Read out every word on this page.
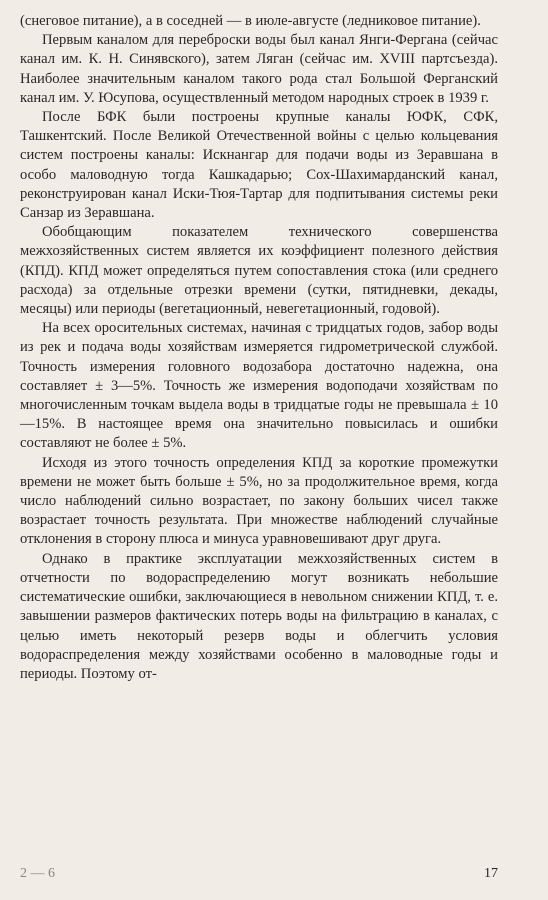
(снеговое питание), а в соседней — в июле-августе (ледниковое питание).

Первым каналом для переброски воды был канал Янги-Фергана (сейчас канал им. К. Н. Синявского), затем Ляган (сейчас им. XVIII партсъезда). Наиболее значительным каналом такого рода стал Большой Ферганский канал им. У. Юсупова, осуществленный методом народных строек в 1939 г.

После БФК были построены крупные каналы ЮФК, СФК, Ташкентский. После Великой Отечественной войны с целью кольцевания систем построены каналы: Искнангар для подачи воды из Зеравшана в особо маловодную тогда Кашкадарью; Сох-Шахимарданский канал, реконструирован канал Иски-Тюя-Тартар для подпитывания системы реки Санзар из Зеравшана.

Обобщающим показателем технического совершенства межхозяйственных систем является их коэффициент полезного действия (КПД). КПД может определяться путем сопоставления стока (или среднего расхода) за отдельные отрезки времени (сутки, пятидневки, декады, месяцы) или периоды (вегетационный, невегетационный, годовой).

На всех оросительных системах, начиная с тридцатых годов, забор воды из рек и подача воды хозяйствам измеряется гидрометрической службой. Точность измерения головного водозабора достаточно надежна, она составляет ± 3—5%. Точность же измерения водоподачи хозяйствам по многочисленным точкам выдела воды в тридцатые годы не превышала ± 10—15%. В настоящее время она значительно повысилась и ошибки составляют не более ± 5%.

Исходя из этого точность определения КПД за короткие промежутки времени не может быть больше ± 5%, но за продолжительное время, когда число наблюдений сильно возрастает, по закону больших чисел также возрастает точность результата. При множестве наблюдений случайные отклонения в сторону плюса и минуса уравновешивают друг друга.

Однако в практике эксплуатации межхозяйственных систем в отчетности по водораспределению могут возникать небольшие систематические ошибки, заключающиеся в невольном снижении КПД, т. е. завышении размеров фактических потерь воды на фильтрацию в каналах, с целью иметь некоторый резерв воды и облегчить условия водораспределения между хозяйствами особенно в маловодные годы и периоды. Поэтому от-

2 — 6	17
